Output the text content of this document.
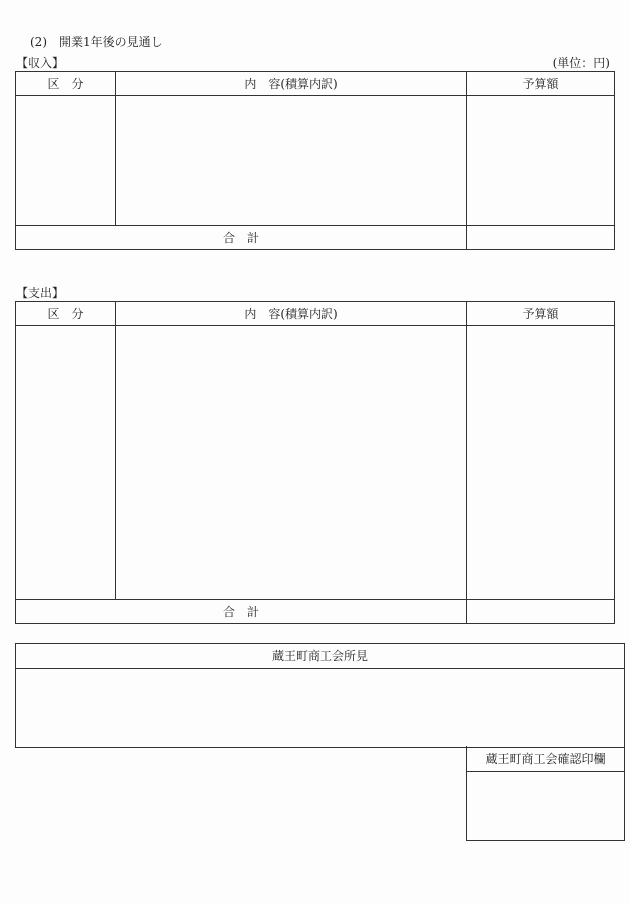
(2)　開業1年後の見通し
【収入】	(単位：円)
区　分	内　容(積算内訳)	予算額

合　計		
【支出】
区　分	内　容(積算内訳)	予算額

合　計		
蔵王町商工会所見
蔵王町商工会確認印欄
